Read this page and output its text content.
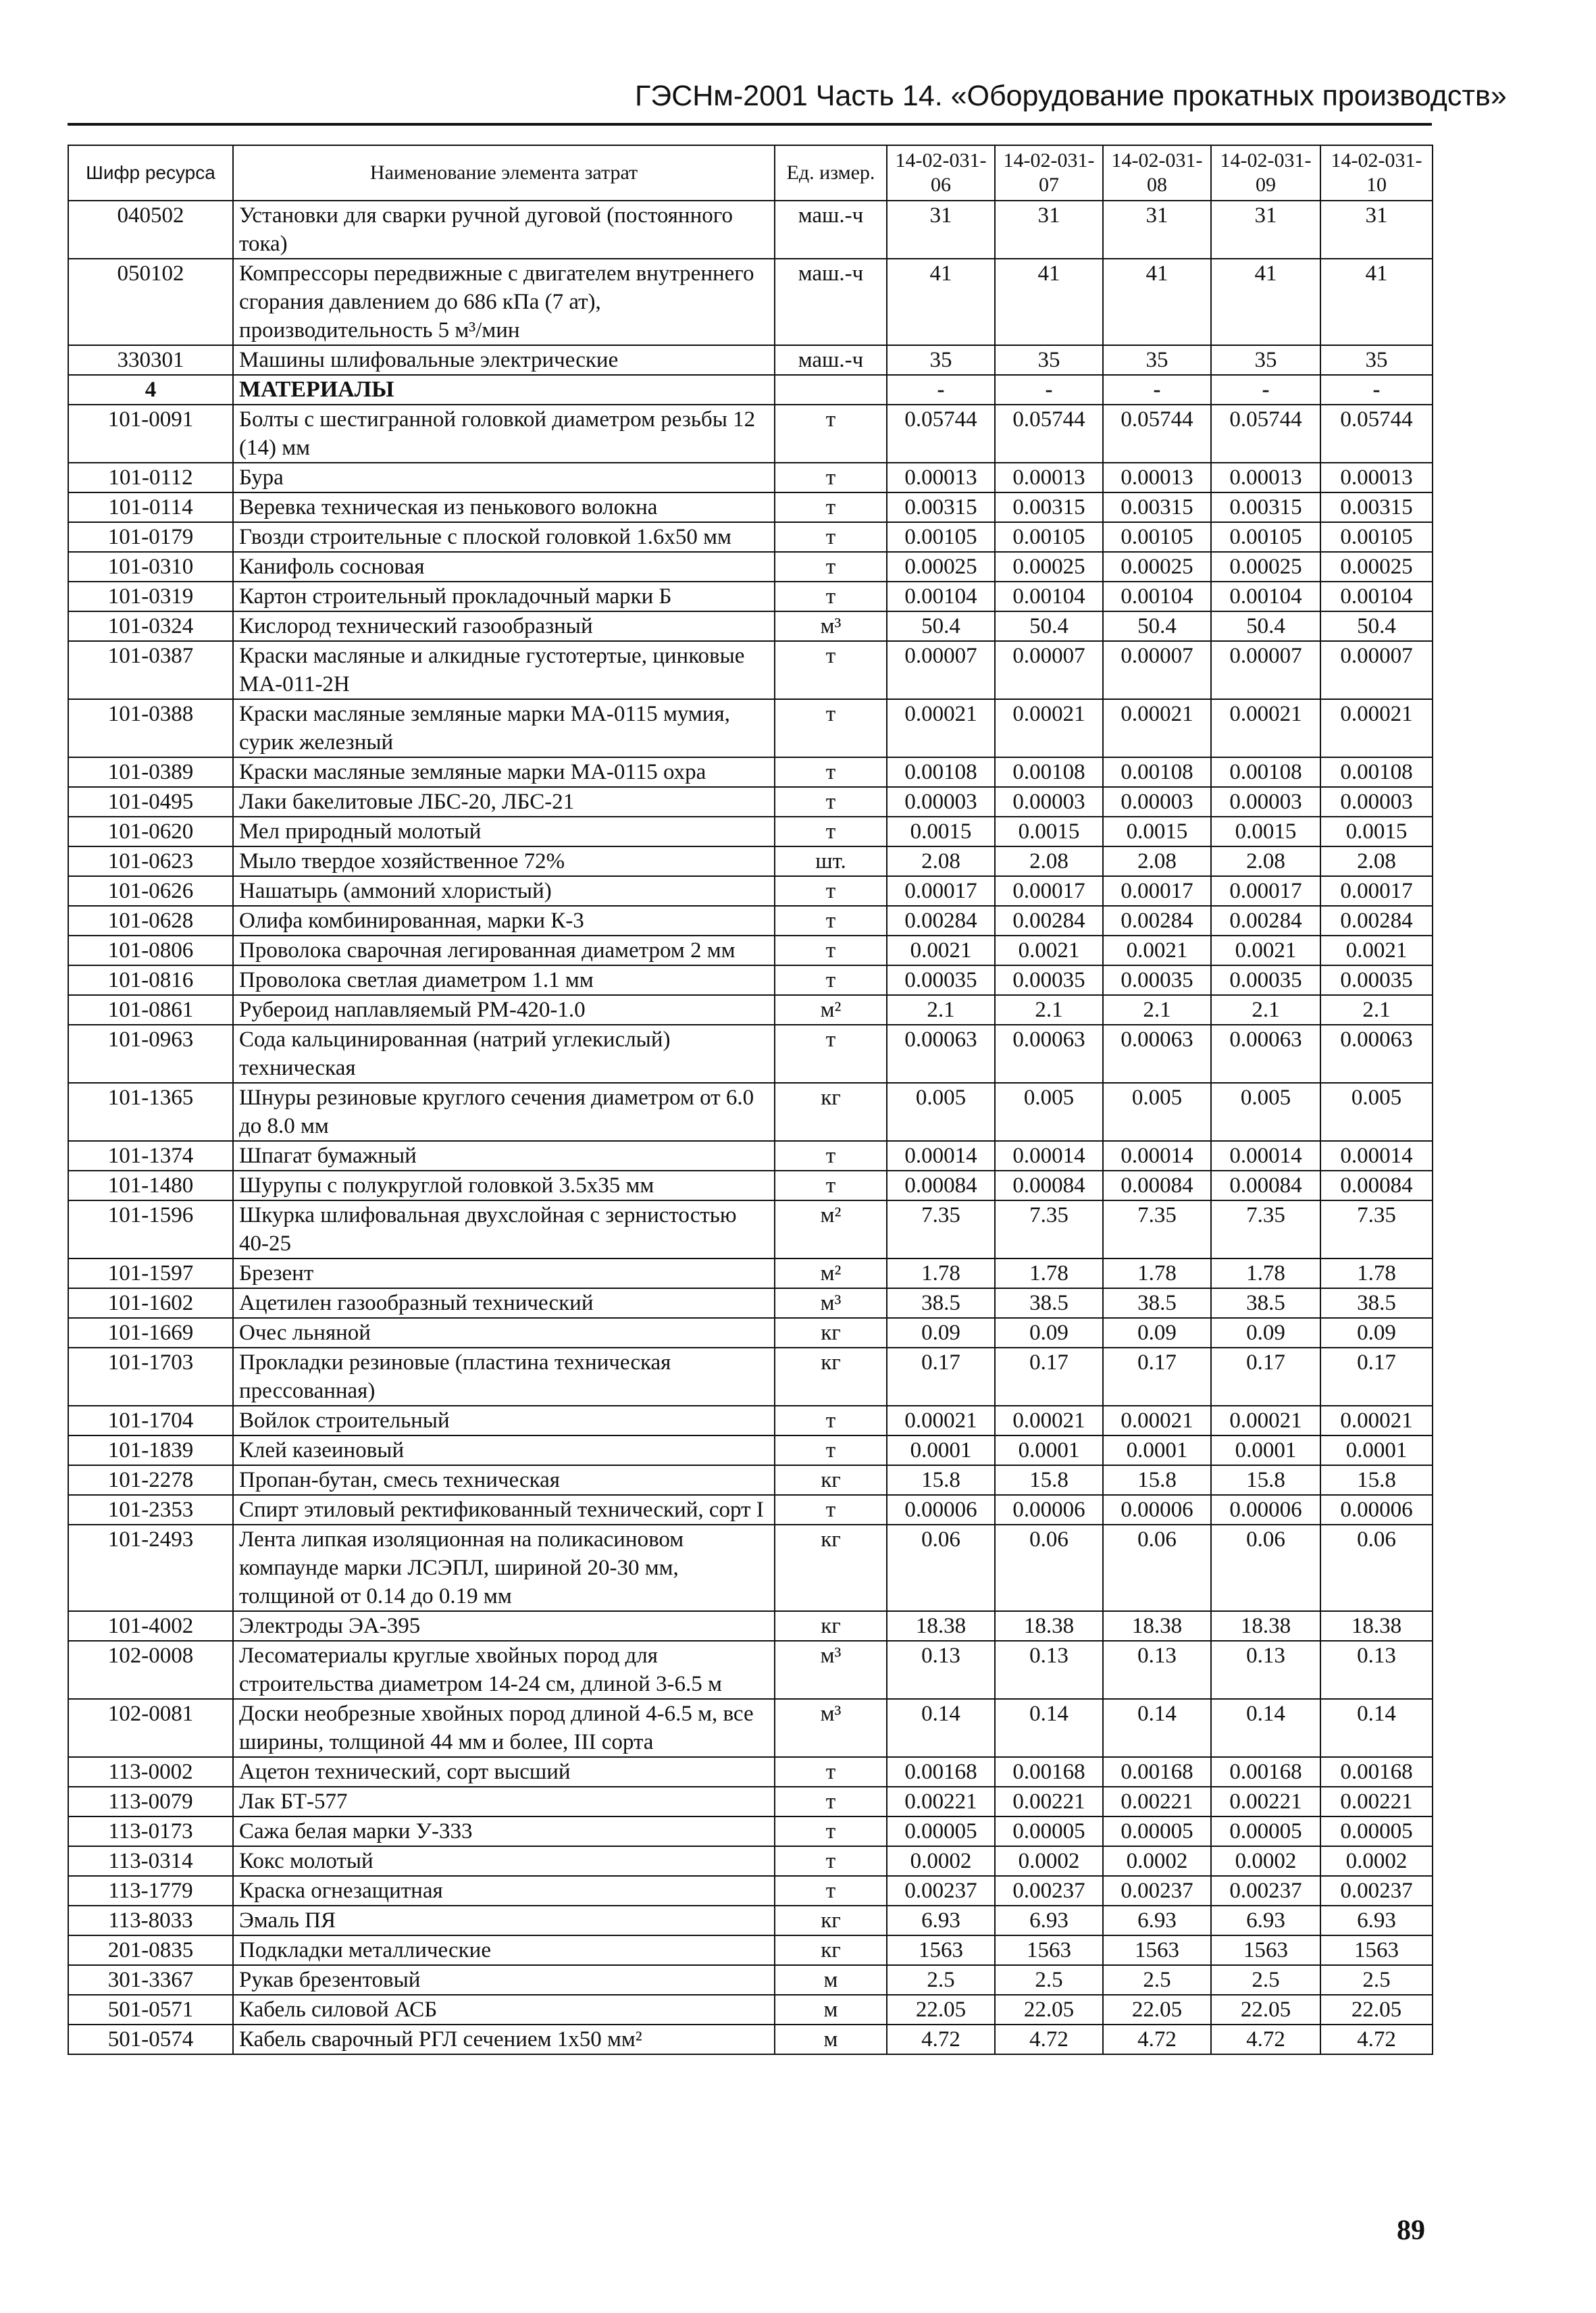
ГЭСНм-2001 Часть 14. «Оборудование прокатных производств»
Шифр ресурса	Наименование элемента затрат	Ед. измер.	14-02-031-06	14-02-031-07	14-02-031-08	14-02-031-09	14-02-031-10
040502	Установки для сварки ручной дуговой (постоянного тока)	маш.-ч	31	31	31	31	31
050102	Компрессоры передвижные с двигателем внутреннего сгорания давлением до 686 кПа (7 ат), производительность 5 м³/мин	маш.-ч	41	41	41	41	41
330301	Машины шлифовальные электрические	маш.-ч	35	35	35	35	35
4	МАТЕРИАЛЫ		-	-	-	-	-
101-0091	Болты с шестигранной головкой диаметром резьбы 12 (14) мм	т	0.05744	0.05744	0.05744	0.05744	0.05744
101-0112	Бура	т	0.00013	0.00013	0.00013	0.00013	0.00013
101-0114	Веревка техническая из пенькового волокна	т	0.00315	0.00315	0.00315	0.00315	0.00315
101-0179	Гвозди строительные с плоской головкой 1.6х50 мм	т	0.00105	0.00105	0.00105	0.00105	0.00105
101-0310	Канифоль сосновая	т	0.00025	0.00025	0.00025	0.00025	0.00025
101-0319	Картон строительный прокладочный марки Б	т	0.00104	0.00104	0.00104	0.00104	0.00104
101-0324	Кислород технический газообразный	м³	50.4	50.4	50.4	50.4	50.4
101-0387	Краски масляные и алкидные густотертые, цинковые МА-011-2Н	т	0.00007	0.00007	0.00007	0.00007	0.00007
101-0388	Краски масляные земляные марки МА-0115 мумия, сурик железный	т	0.00021	0.00021	0.00021	0.00021	0.00021
101-0389	Краски масляные земляные марки МА-0115 охра	т	0.00108	0.00108	0.00108	0.00108	0.00108
101-0495	Лаки бакелитовые ЛБС-20, ЛБС-21	т	0.00003	0.00003	0.00003	0.00003	0.00003
101-0620	Мел природный молотый	т	0.0015	0.0015	0.0015	0.0015	0.0015
101-0623	Мыло твердое хозяйственное 72%	шт.	2.08	2.08	2.08	2.08	2.08
101-0626	Нашатырь (аммоний хлористый)	т	0.00017	0.00017	0.00017	0.00017	0.00017
101-0628	Олифа комбинированная, марки К-3	т	0.00284	0.00284	0.00284	0.00284	0.00284
101-0806	Проволока сварочная легированная диаметром 2 мм	т	0.0021	0.0021	0.0021	0.0021	0.0021
101-0816	Проволока светлая диаметром 1.1 мм	т	0.00035	0.00035	0.00035	0.00035	0.00035
101-0861	Рубероид наплавляемый РМ-420-1.0	м²	2.1	2.1	2.1	2.1	2.1
101-0963	Сода кальцинированная (натрий углекислый) техническая	т	0.00063	0.00063	0.00063	0.00063	0.00063
101-1365	Шнуры резиновые круглого сечения диаметром от 6.0 до 8.0 мм	кг	0.005	0.005	0.005	0.005	0.005
101-1374	Шпагат бумажный	т	0.00014	0.00014	0.00014	0.00014	0.00014
101-1480	Шурупы с полукруглой головкой 3.5х35 мм	т	0.00084	0.00084	0.00084	0.00084	0.00084
101-1596	Шкурка шлифовальная двухслойная с зернистостью 40-25	м²	7.35	7.35	7.35	7.35	7.35
101-1597	Брезент	м²	1.78	1.78	1.78	1.78	1.78
101-1602	Ацетилен газообразный технический	м³	38.5	38.5	38.5	38.5	38.5
101-1669	Очес льняной	кг	0.09	0.09	0.09	0.09	0.09
101-1703	Прокладки резиновые (пластина техническая прессованная)	кг	0.17	0.17	0.17	0.17	0.17
101-1704	Войлок строительный	т	0.00021	0.00021	0.00021	0.00021	0.00021
101-1839	Клей казеиновый	т	0.0001	0.0001	0.0001	0.0001	0.0001
101-2278	Пропан-бутан, смесь техническая	кг	15.8	15.8	15.8	15.8	15.8
101-2353	Спирт этиловый ректификованный технический, сорт I	т	0.00006	0.00006	0.00006	0.00006	0.00006
101-2493	Лента липкая изоляционная на поликасиновом компаунде марки ЛСЭПЛ, шириной 20-30 мм, толщиной от 0.14 до 0.19 мм	кг	0.06	0.06	0.06	0.06	0.06
101-4002	Электроды ЭА-395	кг	18.38	18.38	18.38	18.38	18.38
102-0008	Лесоматериалы круглые хвойных пород для строительства диаметром 14-24 см, длиной 3-6.5 м	м³	0.13	0.13	0.13	0.13	0.13
102-0081	Доски необрезные хвойных пород длиной 4-6.5 м, все ширины, толщиной 44 мм и более, III сорта	м³	0.14	0.14	0.14	0.14	0.14
113-0002	Ацетон технический, сорт высший	т	0.00168	0.00168	0.00168	0.00168	0.00168
113-0079	Лак БТ-577	т	0.00221	0.00221	0.00221	0.00221	0.00221
113-0173	Сажа белая марки У-333	т	0.00005	0.00005	0.00005	0.00005	0.00005
113-0314	Кокс молотый	т	0.0002	0.0002	0.0002	0.0002	0.0002
113-1779	Краска огнезащитная	т	0.00237	0.00237	0.00237	0.00237	0.00237
113-8033	Эмаль ПЯ	кг	6.93	6.93	6.93	6.93	6.93
201-0835	Подкладки металлические	кг	1563	1563	1563	1563	1563
301-3367	Рукав брезентовый	м	2.5	2.5	2.5	2.5	2.5
501-0571	Кабель силовой АСБ	м	22.05	22.05	22.05	22.05	22.05
501-0574	Кабель сварочный РГЛ сечением 1х50 мм²	м	4.72	4.72	4.72	4.72	4.72
89
